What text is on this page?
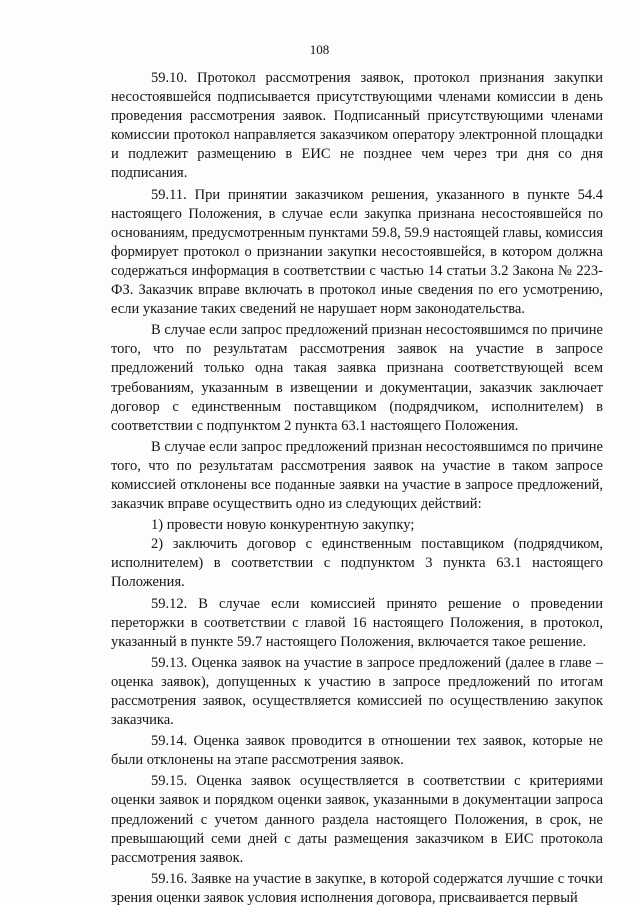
108

59.10. Протокол рассмотрения заявок, протокол признания закупки несостоявшейся подписывается присутствующими членами комиссии в день проведения рассмотрения заявок. Подписанный присутствующими членами комиссии протокол направляется заказчиком оператору электронной площадки и подлежит размещению в ЕИС не позднее чем через три дня со дня подписания.

59.11. При принятии заказчиком решения, указанного в пункте 54.4 настоящего Положения, в случае если закупка признана несостоявшейся по основаниям, предусмотренным пунктами 59.8, 59.9 настоящей главы, комиссия формирует протокол о признании закупки несостоявшейся, в котором должна содержаться информация в соответствии с частью 14 статьи 3.2 Закона № 223-ФЗ. Заказчик вправе включать в протокол иные сведения по его усмотрению, если указание таких сведений не нарушает норм законодательства.

В случае если запрос предложений признан несостоявшимся по причине того, что по результатам рассмотрения заявок на участие в запросе предложений только одна такая заявка признана соответствующей всем требованиям, указанным в извещении и документации, заказчик заключает договор с единственным поставщиком (подрядчиком, исполнителем) в соответствии с подпунктом 2 пункта 63.1 настоящего Положения.

В случае если запрос предложений признан несостоявшимся по причине того, что по результатам рассмотрения заявок на участие в таком запросе комиссией отклонены все поданные заявки на участие в запросе предложений, заказчик вправе осуществить одно из следующих действий:

1) провести новую конкурентную закупку;

2) заключить договор с единственным поставщиком (подрядчиком, исполнителем) в соответствии с подпунктом 3 пункта 63.1 настоящего Положения.

59.12. В случае если комиссией принято решение о проведении переторжки в соответствии с главой 16 настоящего Положения, в протокол, указанный в пункте 59.7 настоящего Положения, включается такое решение.

59.13. Оценка заявок на участие в запросе предложений (далее в главе – оценка заявок), допущенных к участию в запросе предложений по итогам рассмотрения заявок, осуществляется комиссией по осуществлению закупок заказчика.

59.14. Оценка заявок проводится в отношении тех заявок, которые не были отклонены на этапе рассмотрения заявок.

59.15. Оценка заявок осуществляется в соответствии с критериями оценки заявок и порядком оценки заявок, указанными в документации запроса предложений с учетом данного раздела настоящего Положения, в срок, не превышающий семи дней с даты размещения заказчиком в ЕИС протокола рассмотрения заявок.

59.16. Заявке на участие в закупке, в которой содержатся лучшие с точки зрения оценки заявок условия исполнения договора, присваивается первый
